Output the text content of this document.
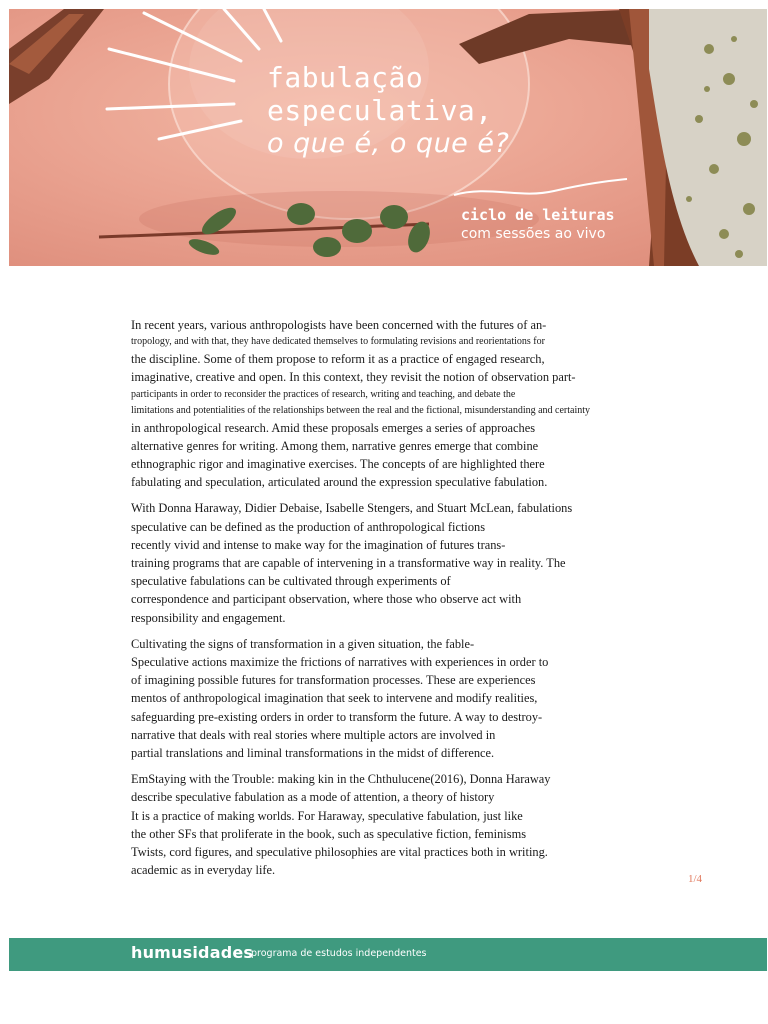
fabulação
especulativa,
o que é, o que é?
ciclo de leituras
com sessões ao vivo
In recent years, various anthropologists have been concerned with the futures of an-
tropology, and with that, they have dedicated themselves to formulating revisions and reorientations for
the discipline. Some of them propose to reform it as a practice of engaged research,
imaginative, creative and open. In this context, they revisit the notion of observation part-
participants in order to reconsider the practices of research, writing and teaching, and debate the
limitations and potentialities of the relationships between the real and the fictional, misunderstanding and certainty
in anthropological research. Amid these proposals emerges a series of approaches
alternative genres for writing. Among them, narrative genres emerge that combine
ethnographic rigor and imaginative exercises. The concepts of are highlighted there
fabulating and speculation, articulated around the expression speculative fabulation.
With Donna Haraway, Didier Debaise, Isabelle Stengers, and Stuart McLean, fabulations
speculative can be defined as the production of anthropological fictions
recently vivid and intense to make way for the imagination of futures trans-
training programs that are capable of intervening in a transformative way in reality. The
speculative fabulations can be cultivated through experiments of
correspondence and participant observation, where those who observe act with
responsibility and engagement.
Cultivating the signs of transformation in a given situation, the fable-
Speculative actions maximize the frictions of narratives with experiences in order to
of imagining possible futures for transformation processes. These are experiences
mentos of anthropological imagination that seek to intervene and modify realities,
safeguarding pre-existing orders in order to transform the future. A way to destroy-
narrative that deals with real stories where multiple actors are involved in
partial translations and liminal transformations in the midst of difference.
EmStaying with the Trouble: making kin in the Chthulucene(2016), Donna Haraway
describe speculative fabulation as a mode of attention, a theory of history
It is a practice of making worlds. For Haraway, speculative fabulation, just like
the other SFs that proliferate in the book, such as speculative fiction, feminisms
Twists, cord figures, and speculative philosophies are vital practices both in writing.
academic as in everyday life.
1/4
humusidades
programa de estudos independentes
